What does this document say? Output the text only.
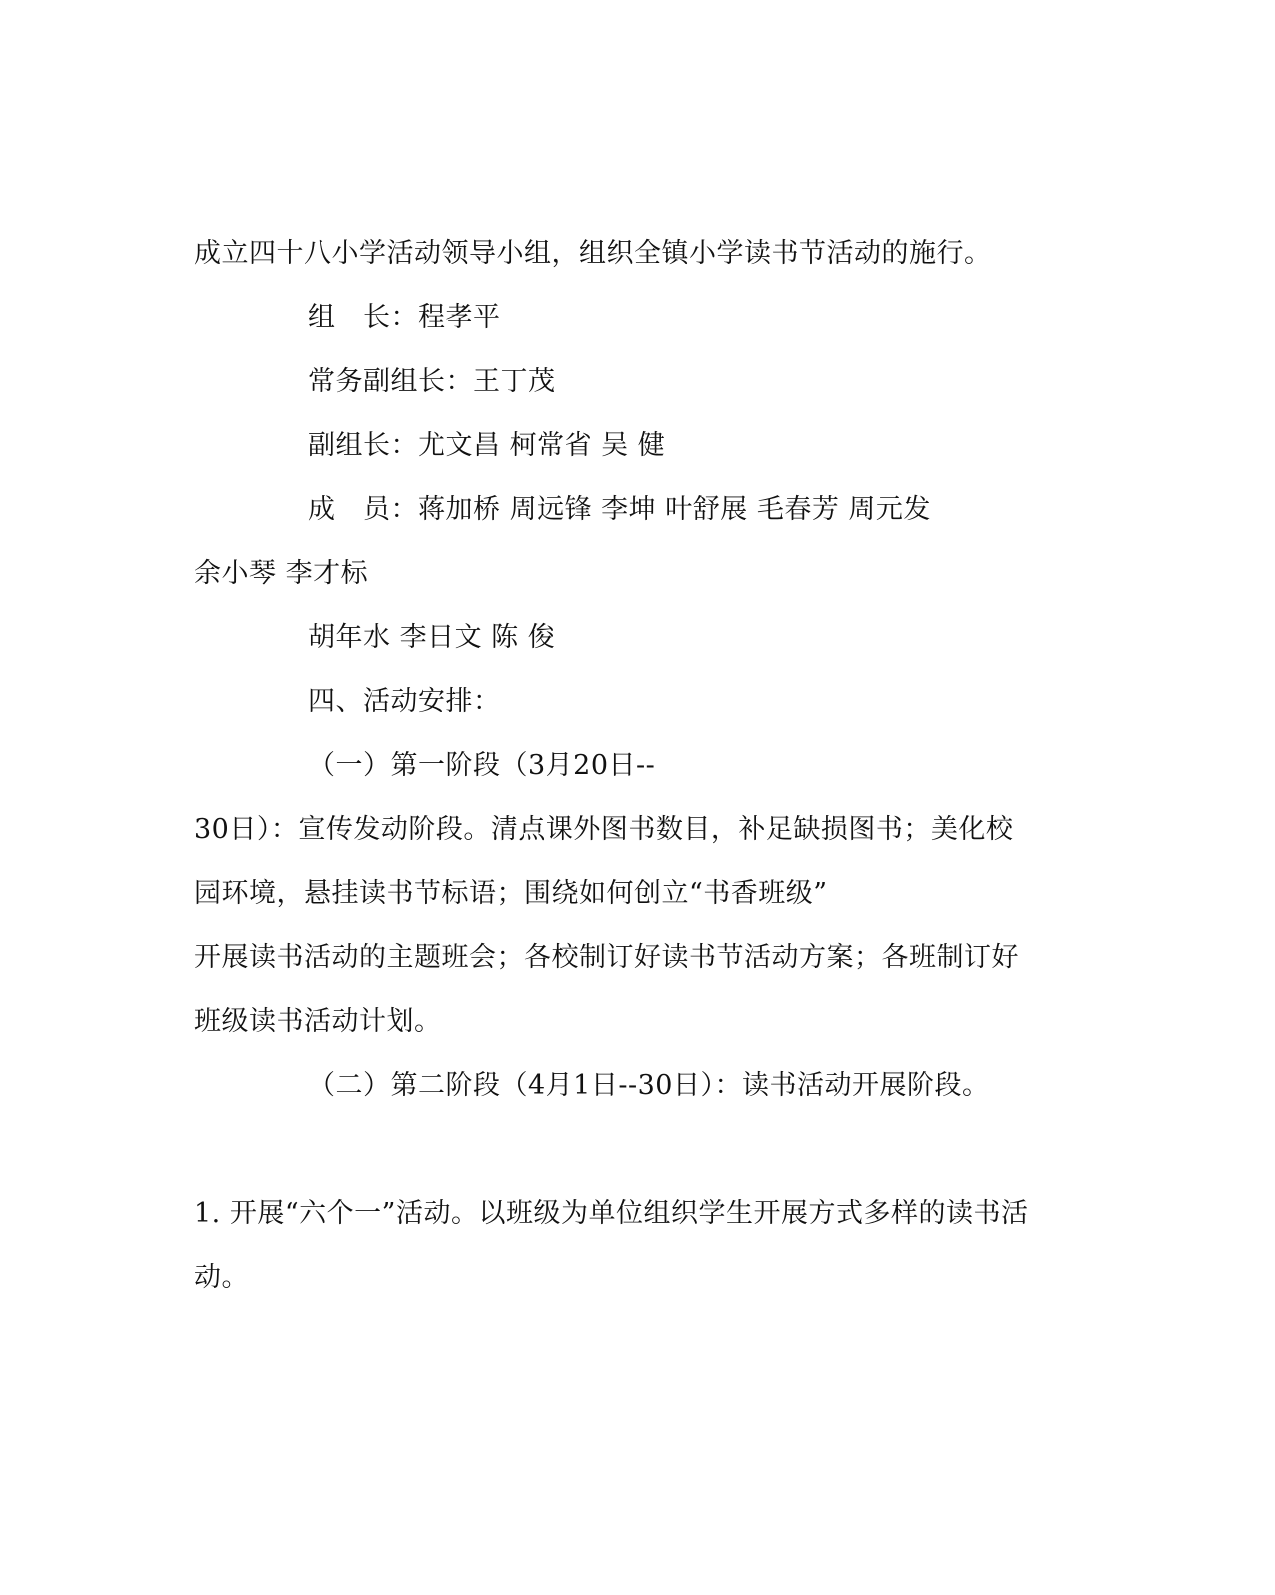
成立四十八小学活动领导小组，组织全镇小学读书节活动的施行。
组　长：程孝平
常务副组长：王丁茂
副组长：尤文昌 柯常省 吴 健
成　员：蒋加桥 周远锋 李坤 叶舒展 毛春芳 周元发
余小琴 李才标
胡年水 李日文 陈 俊
四、活动安排：
（一）第一阶段（3月20日--
30日）：宣传发动阶段。清点课外图书数目，补足缺损图书；美化校
园环境，悬挂读书节标语；围绕如何创立“书香班级”
开展读书活动的主题班会；各校制订好读书节活动方案；各班制订好
班级读书活动计划。
（二）第二阶段（4月1日--30日）：读书活动开展阶段。
1. 开展“六个一”活动。以班级为单位组织学生开展方式多样的读书活
动。
